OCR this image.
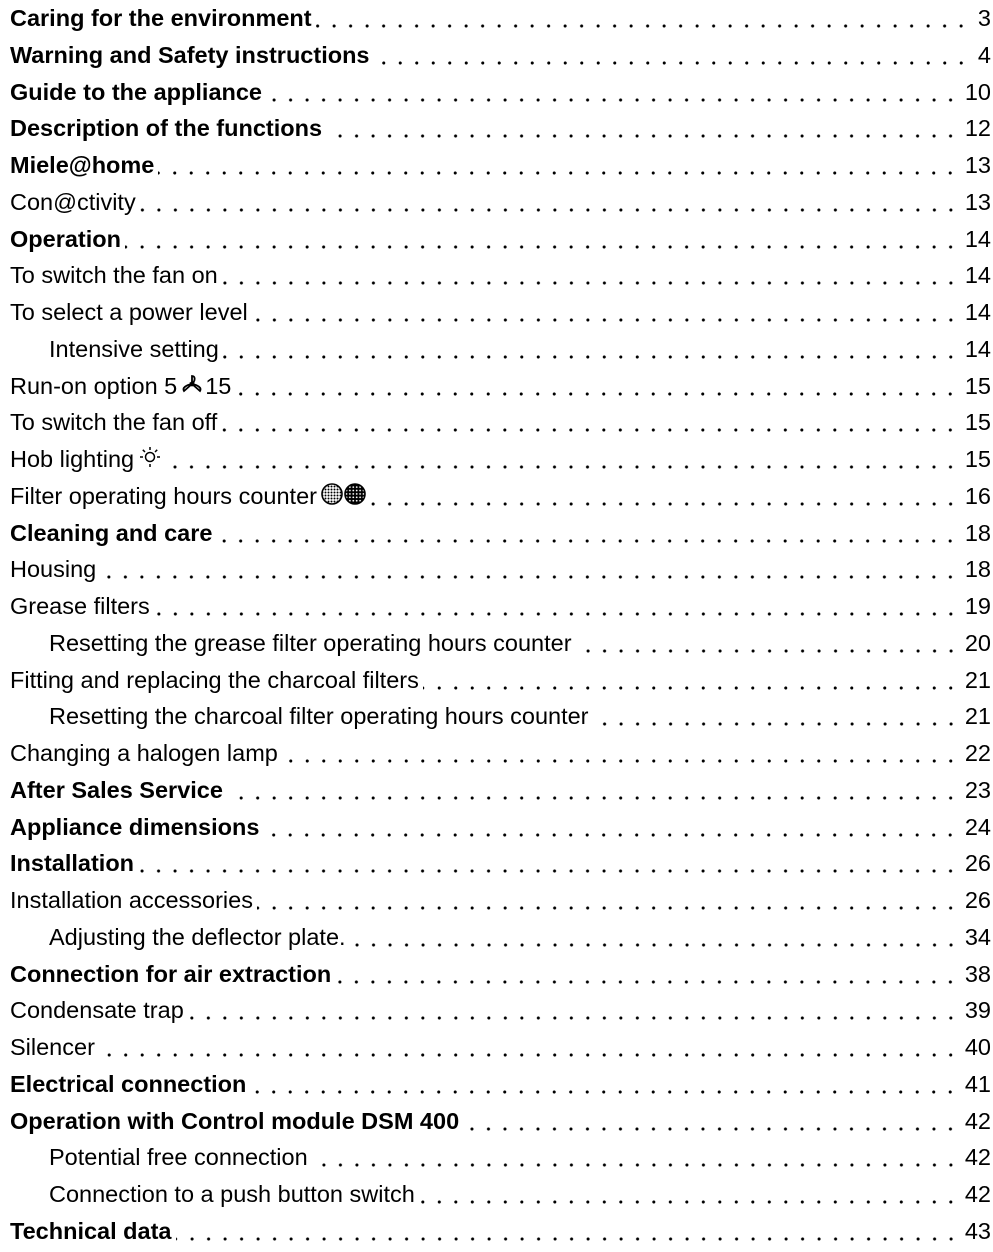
Caring for the environment	3
Warning and Safety instructions	4
Guide to the appliance	10
Description of the functions	12
Miele@home	13
Con@ctivity	13
Operation	14
To switch the fan on	14
To select a power level	14
Intensive setting	14
Run-on option 5 15	15
To switch the fan off	15
Hob lighting	15
Filter operating hours counter	16
Cleaning and care	18
Housing	18
Grease filters	19
Resetting the grease filter operating hours counter	20
Fitting and replacing the charcoal filters	21
Resetting the charcoal filter operating hours counter	21
Changing a halogen lamp	22
After Sales Service	23
Appliance dimensions	24
Installation	26
Installation accessories	26
Adjusting the deflector plate.	34
Connection for air extraction	38
Condensate trap	39
Silencer	40
Electrical connection	41
Operation with Control module DSM 400	42
Potential free connection	42
Connection to a push button switch	42
Technical data	43
